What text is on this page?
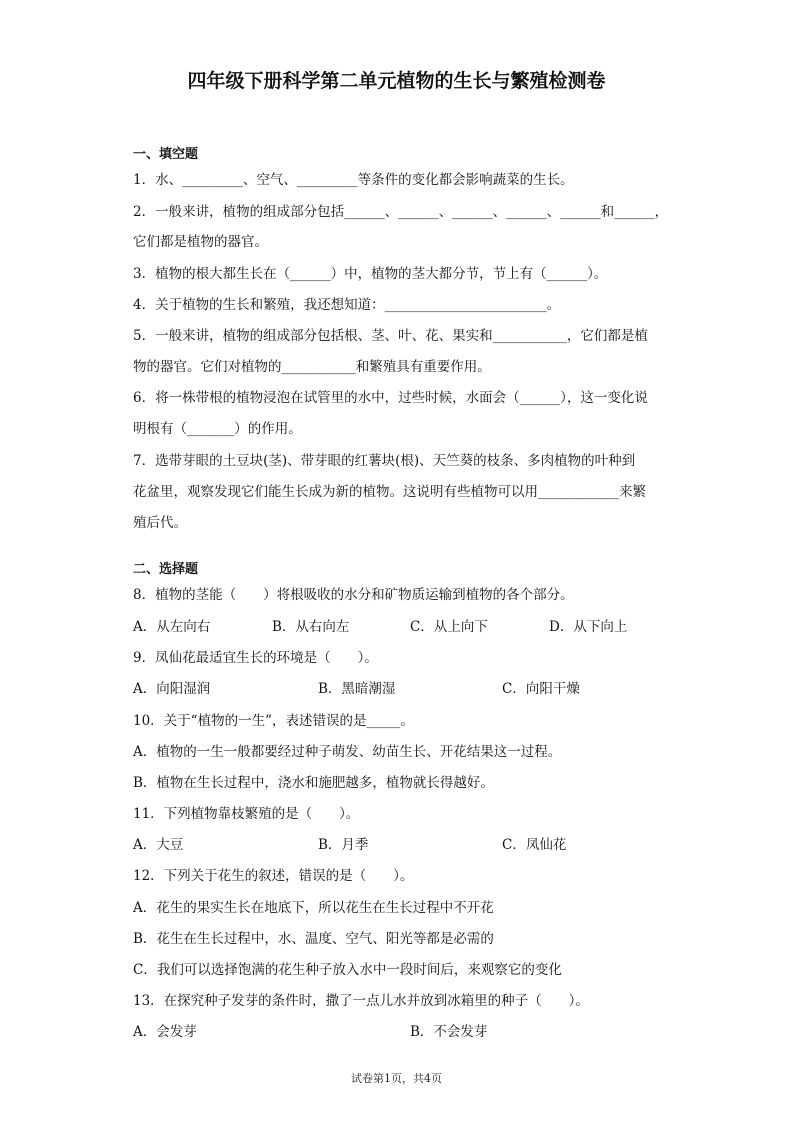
四年级下册科学第二单元植物的生长与繁殖检测卷
一、填空题
1．水、_________、空气、_________等条件的变化都会影响蔬菜的生长。
2．一般来讲，植物的组成部分包括______、______、______、______、______和______，
它们都是植物的器官。
3．植物的根大都生长在（______）中，植物的茎大都分节，节上有（______）。
4．关于植物的生长和繁殖，我还想知道：________________________。
5．一般来讲，植物的组成部分包括根、茎、叶、花、果实和___________，它们都是植
物的器官。它们对植物的___________和繁殖具有重要作用。
6．将一株带根的植物浸泡在试管里的水中，过些时候，水面会（______），这一变化说
明根有（_______）的作用。
7．选带芽眼的土豆块(茎)、带芽眼的红薯块(根)、天竺葵的枝条、多肉植物的叶种到
花盆里，观察发现它们能生长成为新的植物。这说明有些植物可以用____________来繁
殖后代。
二、选择题
8．植物的茎能（　　）将根吸收的水分和矿物质运输到植物的各个部分。
A．从左向右	B．从右向左	C．从上向下	D．从下向上
9．凤仙花最适宜生长的环境是（　　）。
A．向阳湿润	B．黑暗潮湿	C．向阳干燥
10．关于“植物的一生”，表述错误的是_____。
A．植物的一生一般都要经过种子萌发、幼苗生长、开花结果这一过程。
B．植物在生长过程中，浇水和施肥越多，植物就长得越好。
11．下列植物靠枝繁殖的是（　　）。
A．大豆	B．月季	C．凤仙花
12．下列关于花生的叙述，错误的是（　　）。
A．花生的果实生长在地底下，所以花生在生长过程中不开花
B．花生在生长过程中，水、温度、空气、阳光等都是必需的
C．我们可以选择饱满的花生种子放入水中一段时间后，来观察它的变化
13．在探究种子发芽的条件时，撒了一点儿水并放到冰箱里的种子（　　）。
A．会发芽	B．不会发芽
试卷第1页，共4页
